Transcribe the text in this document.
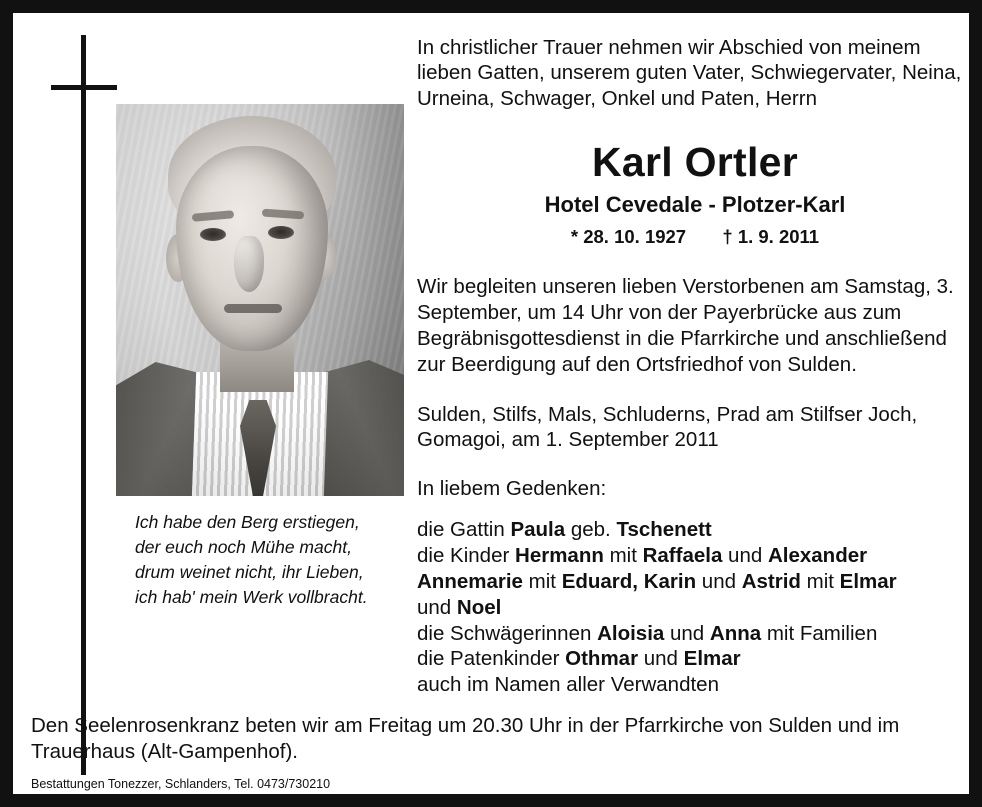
Ich habe den Berg erstiegen,
der euch noch Mühe macht,
drum weinet nicht, ihr Lieben,
ich hab' mein Werk vollbracht.
In christlicher Trauer nehmen wir Abschied von meinem lieben Gatten, unserem guten Vater, Schwiegervater, Neina, Urneina, Schwager, Onkel und Paten, Herrn
Karl Ortler
Hotel Cevedale - Plotzer-Karl
* 28. 10. 1927 † 1. 9. 2011
Wir begleiten unseren lieben Verstorbenen am Samstag, 3. September, um 14 Uhr von der Payerbrücke aus zum Begräbnisgottesdienst in die Pfarrkirche und anschließend zur Beerdigung auf den Ortsfriedhof von Sulden.
Sulden, Stilfs, Mals, Schluderns, Prad am Stilfser Joch, Gomagoi, am 1. September 2011
In liebem Gedenken:
die Gattin Paula geb. Tschenett
die Kinder Hermann mit Raffaela und Alexander
Annemarie mit Eduard, Karin und Astrid mit Elmar
und Noel
die Schwägerinnen Aloisia und Anna mit Familien
die Patenkinder Othmar und Elmar
auch im Namen aller Verwandten
Den Seelenrosenkranz beten wir am Freitag um 20.30 Uhr in der Pfarrkirche von Sulden und im Trauerhaus (Alt-Gampenhof).
Bestattungen Tonezzer, Schlanders, Tel. 0473/730210
